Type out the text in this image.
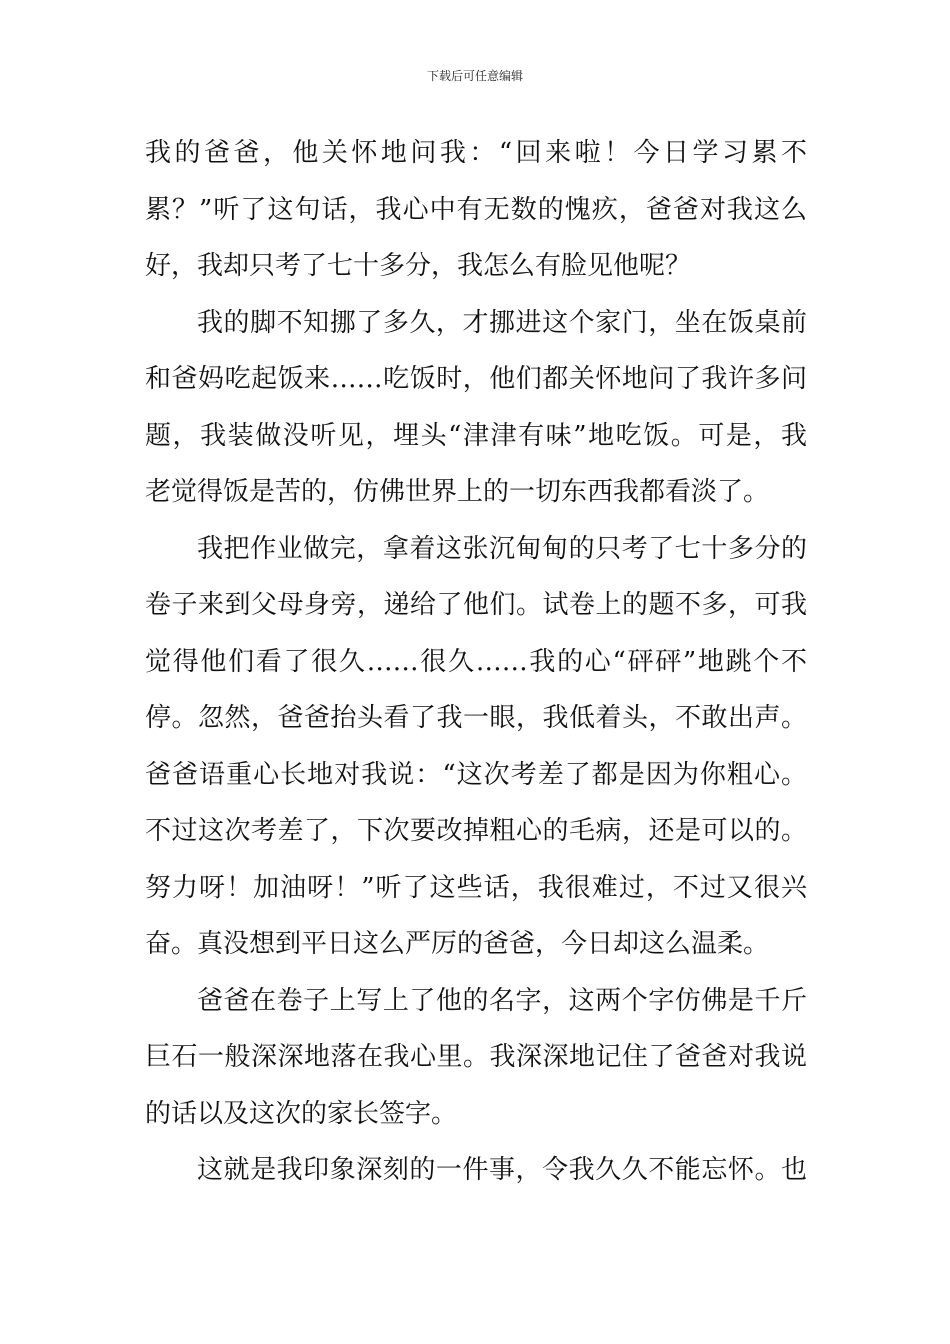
下载后可任意编辑
我的爸爸，他关怀地问我：“回来啦！今日学习累不
累？”听了这句话，我心中有无数的愧疚，爸爸对我这么
好，我却只考了七十多分，我怎么有脸见他呢？
我的脚不知挪了多久，才挪进这个家门，坐在饭桌前
和爸妈吃起饭来……吃饭时，他们都关怀地问了我许多问
题，我装做没听见，埋头“津津有味”地吃饭。可是，我
老觉得饭是苦的，仿佛世界上的一切东西我都看淡了。
我把作业做完，拿着这张沉甸甸的只考了七十多分的
卷子来到父母身旁，递给了他们。试卷上的题不多，可我
觉得他们看了很久……很久……我的心“砰砰”地跳个不
停。忽然，爸爸抬头看了我一眼，我低着头，不敢出声。
爸爸语重心长地对我说：“这次考差了都是因为你粗心。
不过这次考差了，下次要改掉粗心的毛病，还是可以的。
努力呀！加油呀！”听了这些话，我很难过，不过又很兴
奋。真没想到平日这么严厉的爸爸，今日却这么温柔。
爸爸在卷子上写上了他的名字，这两个字仿佛是千斤
巨石一般深深地落在我心里。我深深地记住了爸爸对我说
的话以及这次的家长签字。
这就是我印象深刻的一件事，令我久久不能忘怀。也
